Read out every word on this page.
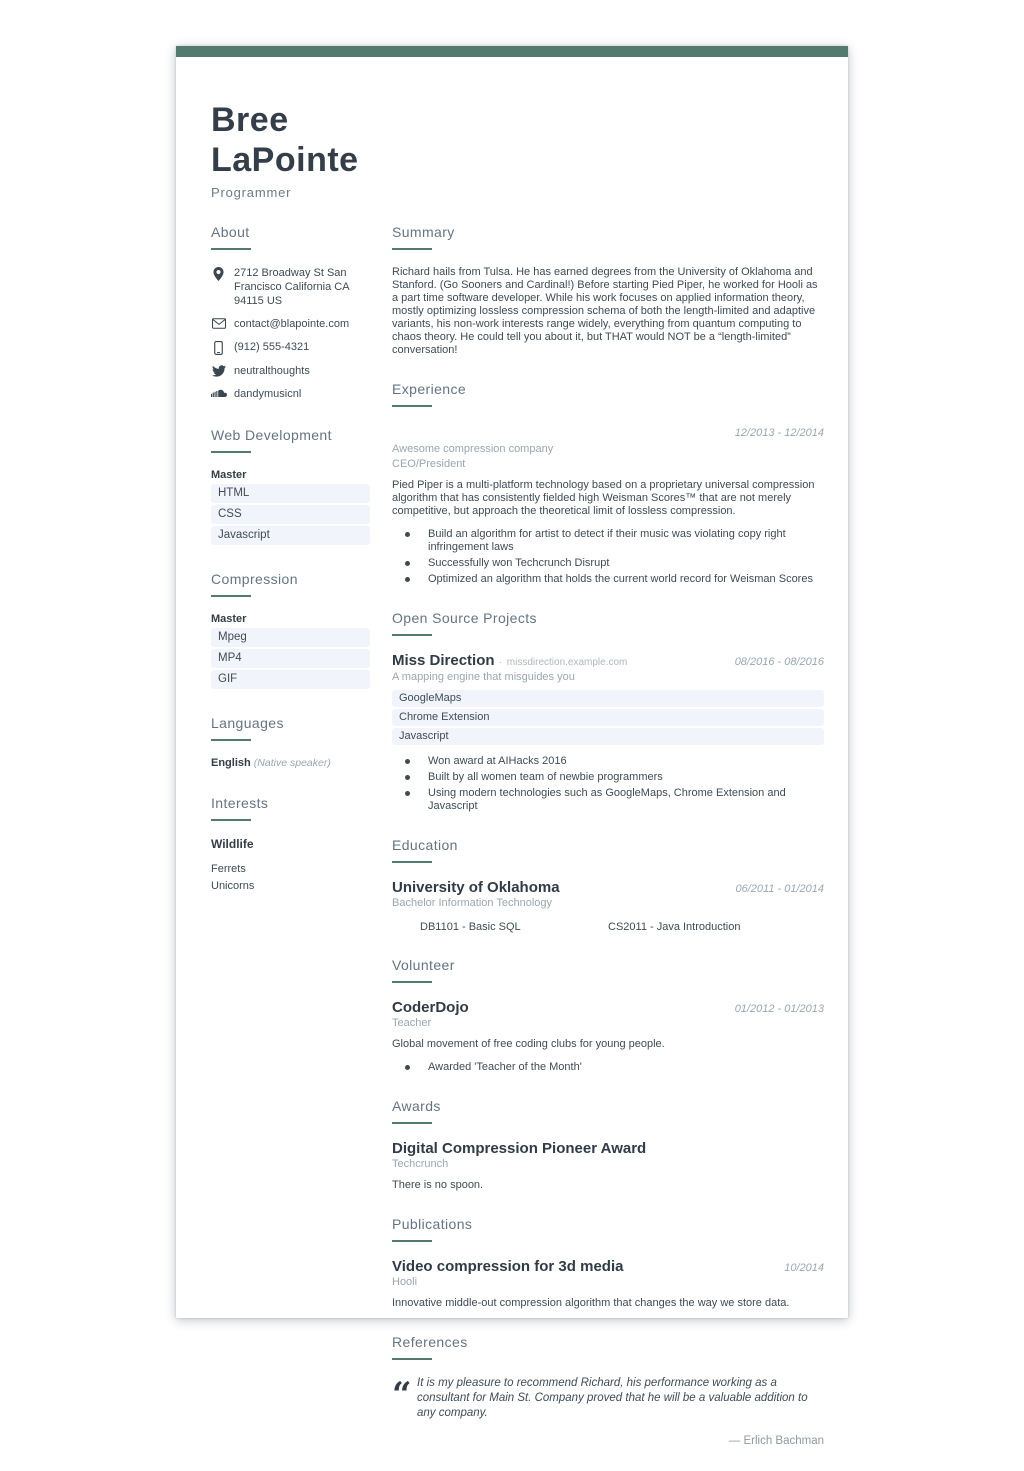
Bree
LaPointe
Programmer
About
2712 Broadway St San Francisco California CA 94115 US
contact@blapointe.com
(912) 555-4321
neutralthoughts
dandymusicnl
Web Development
Master
HTML
CSS
Javascript
Compression
Master
Mpeg
MP4
GIF
Languages
English (Native speaker)
Interests
Wildlife
Ferrets
Unicorns
Summary

Richard hails from Tulsa. He has earned degrees from the University of Oklahoma and Stanford. (Go Sooners and Cardinal!) Before starting Pied Piper, he worked for Hooli as a part time software developer. While his work focuses on applied information theory, mostly optimizing lossless compression schema of both the length-limited and adaptive variants, his non-work interests range widely, everything from quantum computing to chaos theory. He could tell you about it, but THAT would NOT be a “length-limited” conversation!

Experience
12/2013 - 12/2014
Awesome compression company
CEO/President

Pied Piper is a multi-platform technology based on a proprietary universal compression algorithm that has consistently fielded high Weisman Scores™ that are not merely competitive, but approach the theoretical limit of lossless compression.

Build an algorithm for artist to detect if their music was violating copy right infringement laws
Successfully won Techcrunch Disrupt
Optimized an algorithm that holds the current world record for Weisman Scores
Open Source Projects
Miss Direction · missdirection.example.com	08/2016 - 08/2016
A mapping engine that misguides you
GoogleMaps
Chrome Extension
Javascript
Won award at AIHacks 2016
Built by all women team of newbie programmers
Using modern technologies such as GoogleMaps, Chrome Extension and Javascript
Education
University of Oklahoma	06/2011 - 01/2014
Bachelor Information Technology
DB1101 - Basic SQL	CS2011 - Java Introduction
Volunteer
CoderDojo	01/2012 - 01/2013
Teacher

Global movement of free coding clubs for young people.

Awarded 'Teacher of the Month'
Awards
Digital Compression Pioneer Award
Techcrunch

There is no spoon.

Publications
Video compression for 3d media	10/2014
Hooli

Innovative middle-out compression algorithm that changes the way we store data.

References
“

It is my pleasure to recommend Richard, his performance working as a consultant for Main St. Company proved that he will be a valuable addition to any company.

— Erlich Bachman
